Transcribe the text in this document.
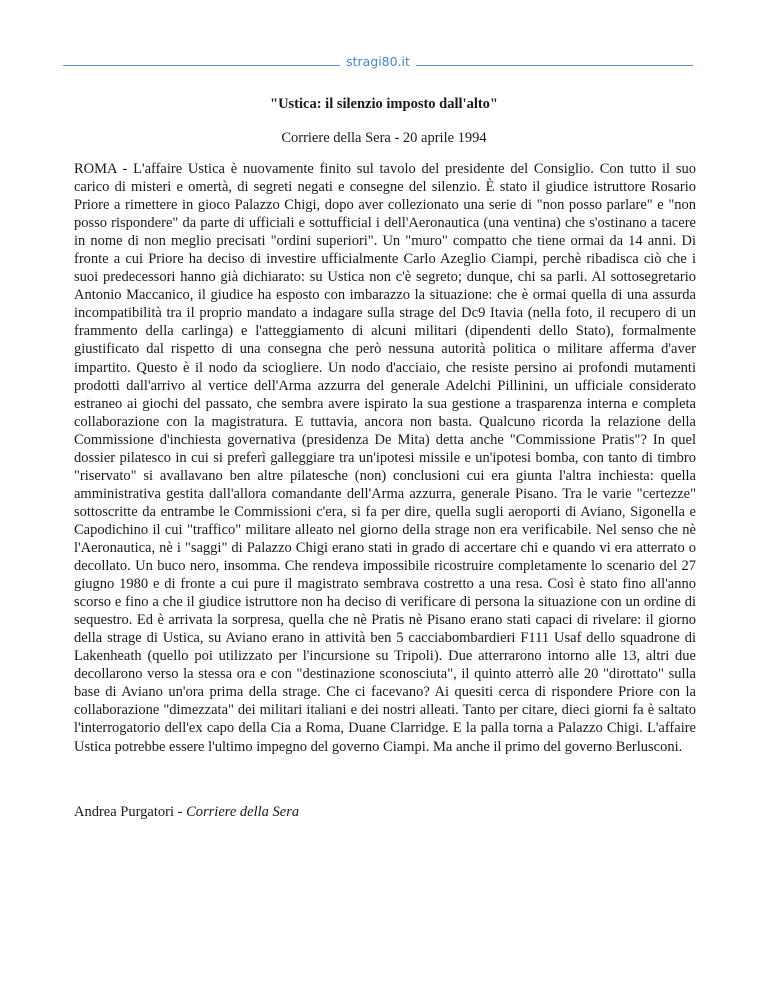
stragi80.it
"Ustica: il silenzio imposto dall'alto"
Corriere della Sera - 20 aprile 1994

ROMA - L'affaire Ustica è nuovamente finito sul tavolo del presidente del Consiglio. Con tutto il suo carico di misteri e omertà, di segreti negati e consegne del silenzio. È stato il giudice istruttore Rosario Priore a rimettere in gioco Palazzo Chigi, dopo aver collezionato una serie di "non posso parlare" e "non posso rispondere" da parte di ufficiali e sottufficial i dell'Aeronautica (una ventina) che s'ostinano a tacere in nome di non meglio precisati "ordini superiori". Un "muro" compatto che tiene ormai da 14 anni. Di fronte a cui Priore ha deciso di investire ufficialmente Carlo Azeglio Ciampi, perchè ribadisca ciò che i suoi predecessori hanno già dichiarato: su Ustica non c'è segreto; dunque, chi sa parli. Al sottosegretario Antonio Maccanico, il giudice ha esposto con imbarazzo la situazione: che è ormai quella di una assurda incompatibilità tra il proprio mandato a indagare sulla strage del Dc9 Itavia (nella foto, il recupero di un frammento della carlinga) e l'atteggiamento di alcuni militari (dipendenti dello Stato), formalmente giustificato dal rispetto di una consegna che però nessuna autorità politica o militare afferma d'aver impartito. Questo è il nodo da sciogliere. Un nodo d'acciaio, che resiste persino ai profondi mutamenti prodotti dall'arrivo al vertice dell'Arma azzurra del generale Adelchi Pillinini, un ufficiale considerato estraneo ai giochi del passato, che sembra avere ispirato la sua gestione a trasparenza interna e completa collaborazione con la magistratura. E tuttavia, ancora non basta. Qualcuno ricorda la relazione della Commissione d'inchiesta governativa (presidenza De Mita) detta anche "Commissione Pratis"? In quel dossier pilatesco in cui si preferì galleggiare tra un'ipotesi missile e un'ipotesi bomba, con tanto di timbro "riservato" si avallavano ben altre pilatesche (non) conclusioni cui era giunta l'altra inchiesta: quella amministrativa gestita dall'allora comandante dell'Arma azzurra, generale Pisano. Tra le varie "certezze" sottoscritte da entrambe le Commissioni c'era, si fa per dire, quella sugli aeroporti di Aviano, Sigonella e Capodichino il cui "traffico" militare alleato nel giorno della strage non era verificabile. Nel senso che nè l'Aeronautica, nè i "saggi" di Palazzo Chigi erano stati in grado di accertare chi e quando vi era atterrato o decollato. Un buco nero, insomma. Che rendeva impossibile ricostruire completamente lo scenario del 27 giugno 1980 e di fronte a cui pure il magistrato sembrava costretto a una resa. Così è stato fino all'anno scorso e fino a che il giudice istruttore non ha deciso di verificare di persona la situazione con un ordine di sequestro. Ed è arrivata la sorpresa, quella che nè Pratis nè Pisano erano stati capaci di rivelare: il giorno della strage di Ustica, su Aviano erano in attività ben 5 cacciabombardieri F111 Usaf dello squadrone di Lakenheath (quello poi utilizzato per l'incursione su Tripoli). Due atterrarono intorno alle 13, altri due decollarono verso la stessa ora e con "destinazione sconosciuta", il quinto atterrò alle 20 "dirottato" sulla base di Aviano un'ora prima della strage. Che ci facevano? Ai quesiti cerca di rispondere Priore con la collaborazione "dimezzata" dei militari italiani e dei nostri alleati. Tanto per citare, dieci giorni fa è saltato l'interrogatorio dell'ex capo della Cia a Roma, Duane Clarridge. E la palla torna a Palazzo Chigi. L'affaire Ustica potrebbe essere l'ultimo impegno del governo Ciampi. Ma anche il primo del governo Berlusconi.

Andrea Purgatori - Corriere della Sera
